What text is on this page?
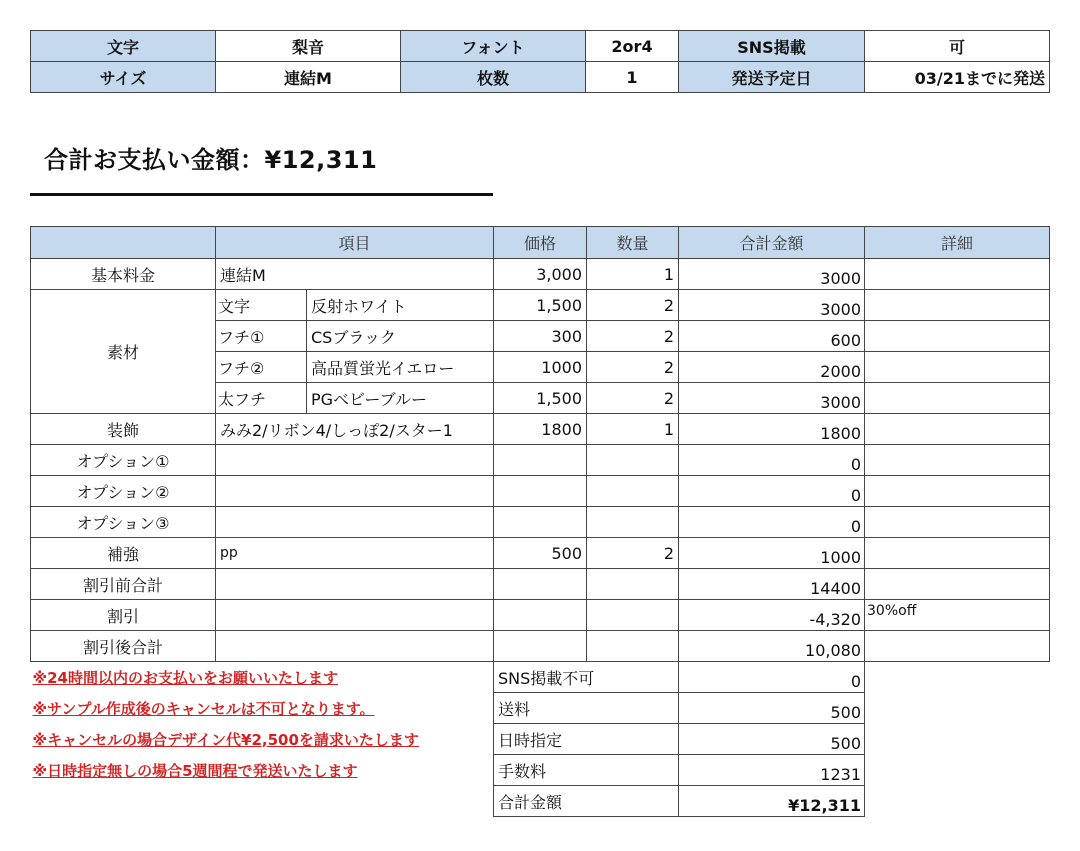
文字	梨音	フォント	2or4	SNS掲載	可
サイズ	連結M	枚数	1	発送予定日	03/21までに発送
合計お支払い金額：¥12,311
	項目		価格	数量	合計金額	詳細
基本料金	連結M		3,000	1	3000	
素材	文字	反射ホワイト	1,500	2	3000	
	フチ①	CSブラック	300	2	600	
	フチ②	高品質蛍光イエロー	1000	2	2000	
	太フチ	PGベビーブルー	1,500	2	3000	
装飾	みみ2/リボン4/しっぽ2/スター1		1800	1	1800	
オプション①					0	
オプション②					0	
オプション③					0	
補強	pp		500	2	1000	
割引前合計					14400	
割引					-4,320	30%off
割引後合計					10,080	
※24時間以内のお支払いをお願いいたします			SNS掲載不可		0	
※サンプル作成後のキャンセルは不可となります。			送料		500	
※キャンセルの場合デザイン代¥2,500を請求いたします			日時指定		500	
※日時指定無しの場合5週間程で発送いたします			手数料		1231	
			合計金額		¥12,311	
